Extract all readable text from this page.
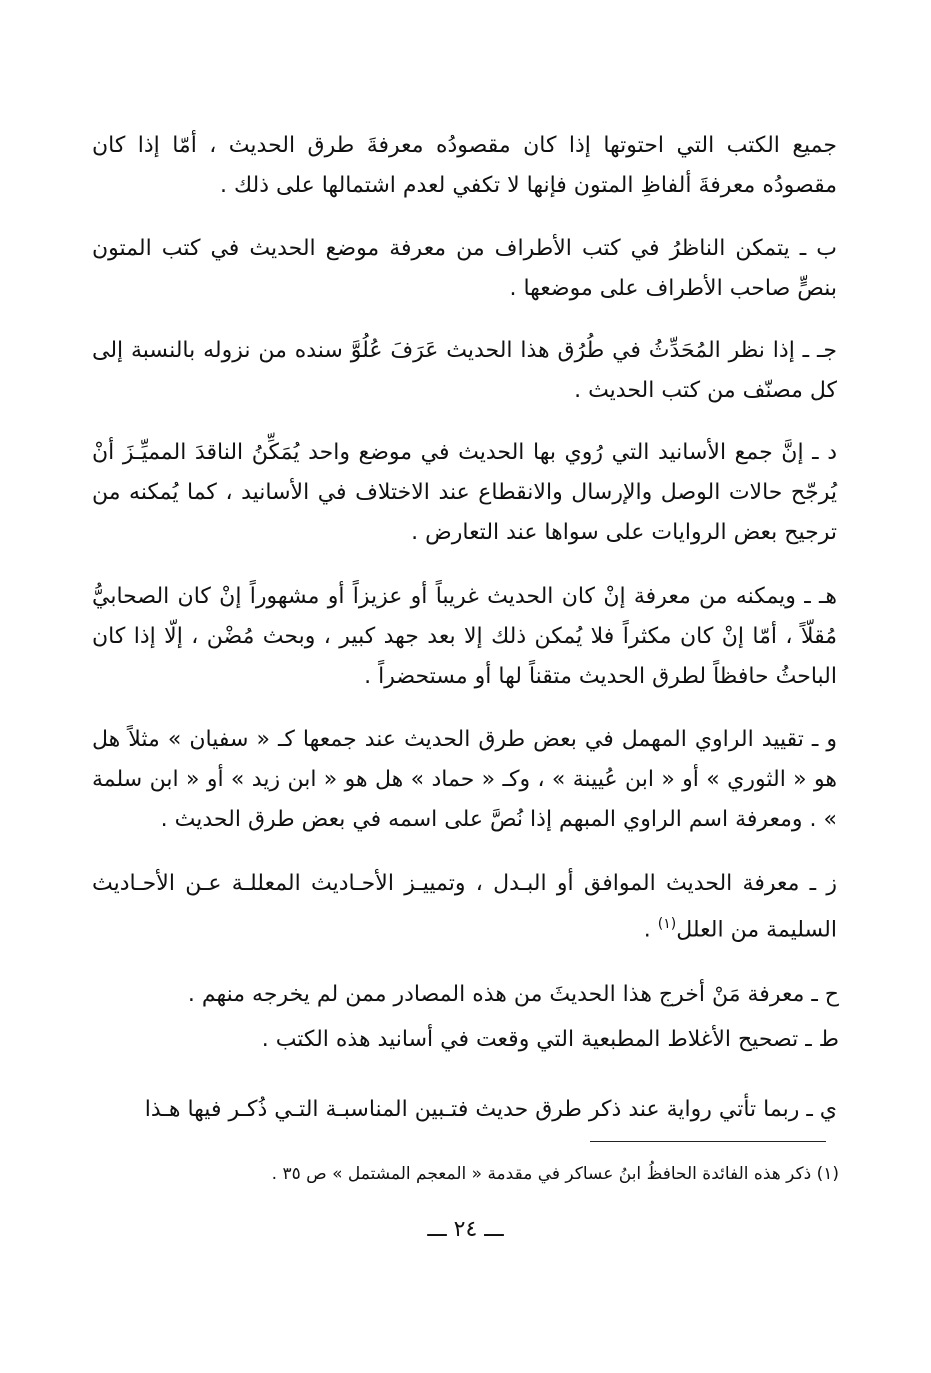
جميع الكتب التي احتوتها إذا كان مقصودُه معرفةَ طرق الحديث ، أمّا إذا كان مقصودُه معرفةَ ألفاظِ المتون فإنها لا تكفي لعدم اشتمالها على ذلك .

ب ـ يتمكن الناظرُ في كتب الأطراف من معرفة موضع الحديث في كتب المتون بنصٍّ صاحب الأطراف على موضعها .

جـ ـ إذا نظر المُحَدِّثُ في طُرُق هذا الحديث عَرَفَ عُلُوَّ سنده من نزوله بالنسبة إلى كل مصنّف من كتب الحديث .

د ـ إنَّ جمع الأسانيد التي رُوي بها الحديث في موضع واحد يُمَكِّنُ الناقدَ المميِّـزَ أنْ يُرجّح حالات الوصل والإرسال والانقطاع عند الاختلاف في الأسانيد ، كما يُمكنه من ترجيح بعض الروايات على سواها عند التعارض .

هـ ـ ويمكنه من معرفة إنْ كان الحديث غريباً أو عزيزاً أو مشهوراً إنْ كان الصحابيُّ مُقلّاً ، أمّا إنْ كان مكثراً فلا يُمكن ذلك إلا بعد جهد كبير ، وبحث مُضْن ، إلّا إذا كان الباحثُ حافظاً لطرق الحديث متقناً لها أو مستحضراً .

و ـ تقييد الراوي المهمل في بعض طرق الحديث عند جمعها كـ « سفيان » مثلاً هل هو « الثوري » أو « ابن عُيينة » ، وكـ « حماد » هل هو « ابن زيد » أو « ابن سلمة » . ومعرفة اسم الراوي المبهم إذا نُصَّ على اسمه في بعض طرق الحديث .

ز ـ معرفة الحديث الموافق أو البـدل ، وتمييـز الأحـاديث المعللـة عـن الأحـاديث السليمة من العلل$^{(١)}$ .

ح ـ معرفة مَنْ أخرج هذا الحديثَ من هذه المصادر ممن لم يخرجه منهم .

ط ـ تصحيح الأغلاط المطبعية التي وقعت في أسانيد هذه الكتب .

ي ـ ربما تأتي رواية عند ذكر طرق حديث فتـبين المناسبـة التـي ذُكـر فيها هـذا

(١) ذكر هذه الفائدة الحافظُ ابنُ عساكر في مقدمة « المعجم المشتمل » ص ٣٥ .
ـــ ٢٤ ـــ
